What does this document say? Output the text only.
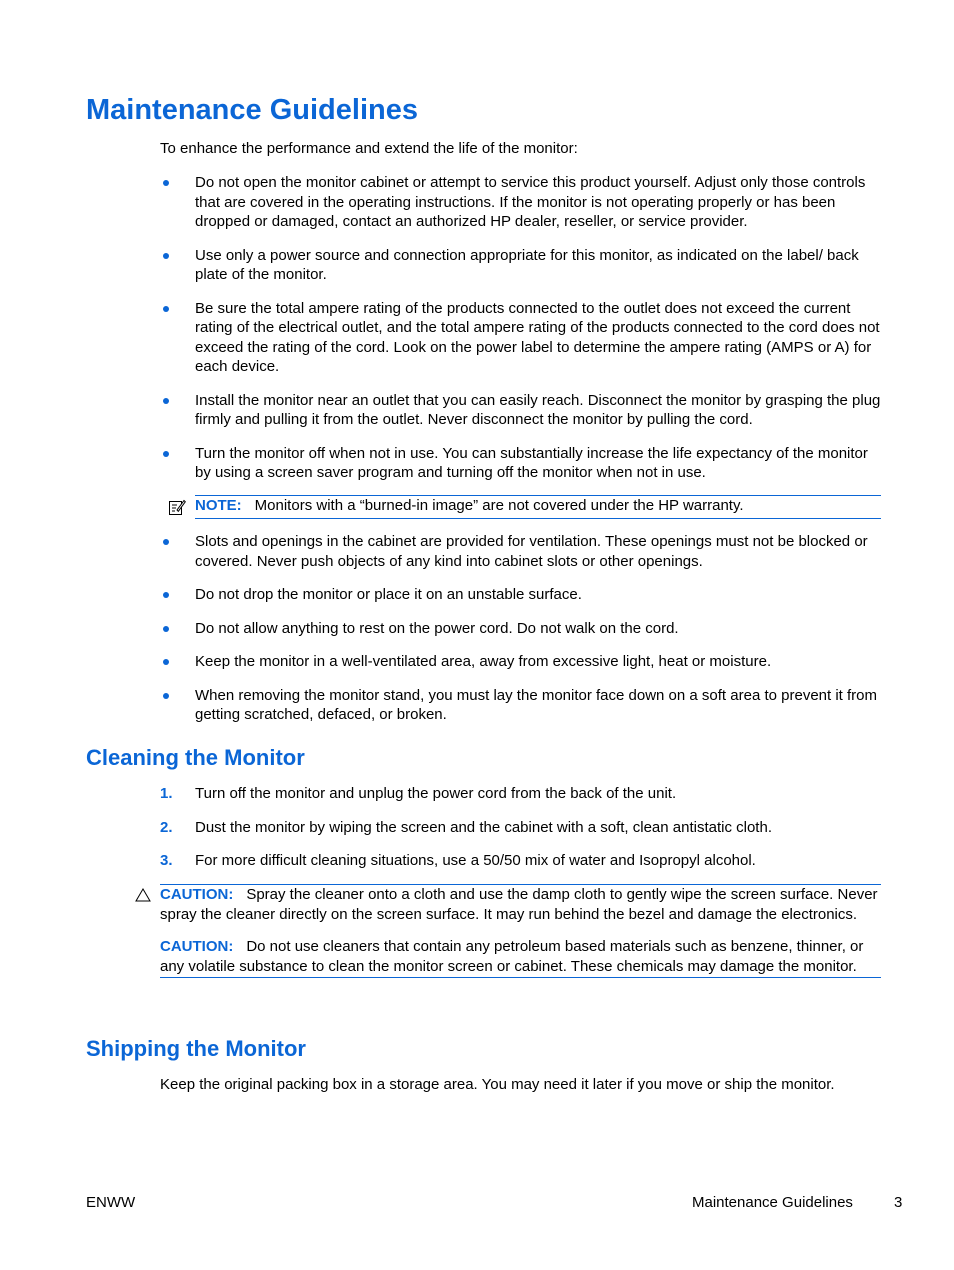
Maintenance Guidelines

To enhance the performance and extend the life of the monitor:

Do not open the monitor cabinet or attempt to service this product yourself. Adjust only those controls that are covered in the operating instructions. If the monitor is not operating properly or has been dropped or damaged, contact an authorized HP dealer, reseller, or service provider.
Use only a power source and connection appropriate for this monitor, as indicated on the label/ back plate of the monitor.
Be sure the total ampere rating of the products connected to the outlet does not exceed the current rating of the electrical outlet, and the total ampere rating of the products connected to the cord does not exceed the rating of the cord. Look on the power label to determine the ampere rating (AMPS or A) for each device.
Install the monitor near an outlet that you can easily reach. Disconnect the monitor by grasping the plug firmly and pulling it from the outlet. Never disconnect the monitor by pulling the cord.
Turn the monitor off when not in use. You can substantially increase the life expectancy of the monitor by using a screen saver program and turning off the monitor when not in use.
NOTE: Monitors with a “burned-in image” are not covered under the HP warranty.
Slots and openings in the cabinet are provided for ventilation. These openings must not be blocked or covered. Never push objects of any kind into cabinet slots or other openings.
Do not drop the monitor or place it on an unstable surface.
Do not allow anything to rest on the power cord. Do not walk on the cord.
Keep the monitor in a well-ventilated area, away from excessive light, heat or moisture.
When removing the monitor stand, you must lay the monitor face down on a soft area to prevent it from getting scratched, defaced, or broken.
Cleaning the Monitor
1. Turn off the monitor and unplug the power cord from the back of the unit.
2. Dust the monitor by wiping the screen and the cabinet with a soft, clean antistatic cloth.
3. For more difficult cleaning situations, use a 50/50 mix of water and Isopropyl alcohol.

CAUTION: Spray the cleaner onto a cloth and use the damp cloth to gently wipe the screen surface. Never spray the cleaner directly on the screen surface. It may run behind the bezel and damage the electronics.

CAUTION: Do not use cleaners that contain any petroleum based materials such as benzene, thinner, or any volatile substance to clean the monitor screen or cabinet. These chemicals may damage the monitor.

Shipping the Monitor

Keep the original packing box in a storage area. You may need it later if you move or ship the monitor.

ENWW	Maintenance Guidelines	3
